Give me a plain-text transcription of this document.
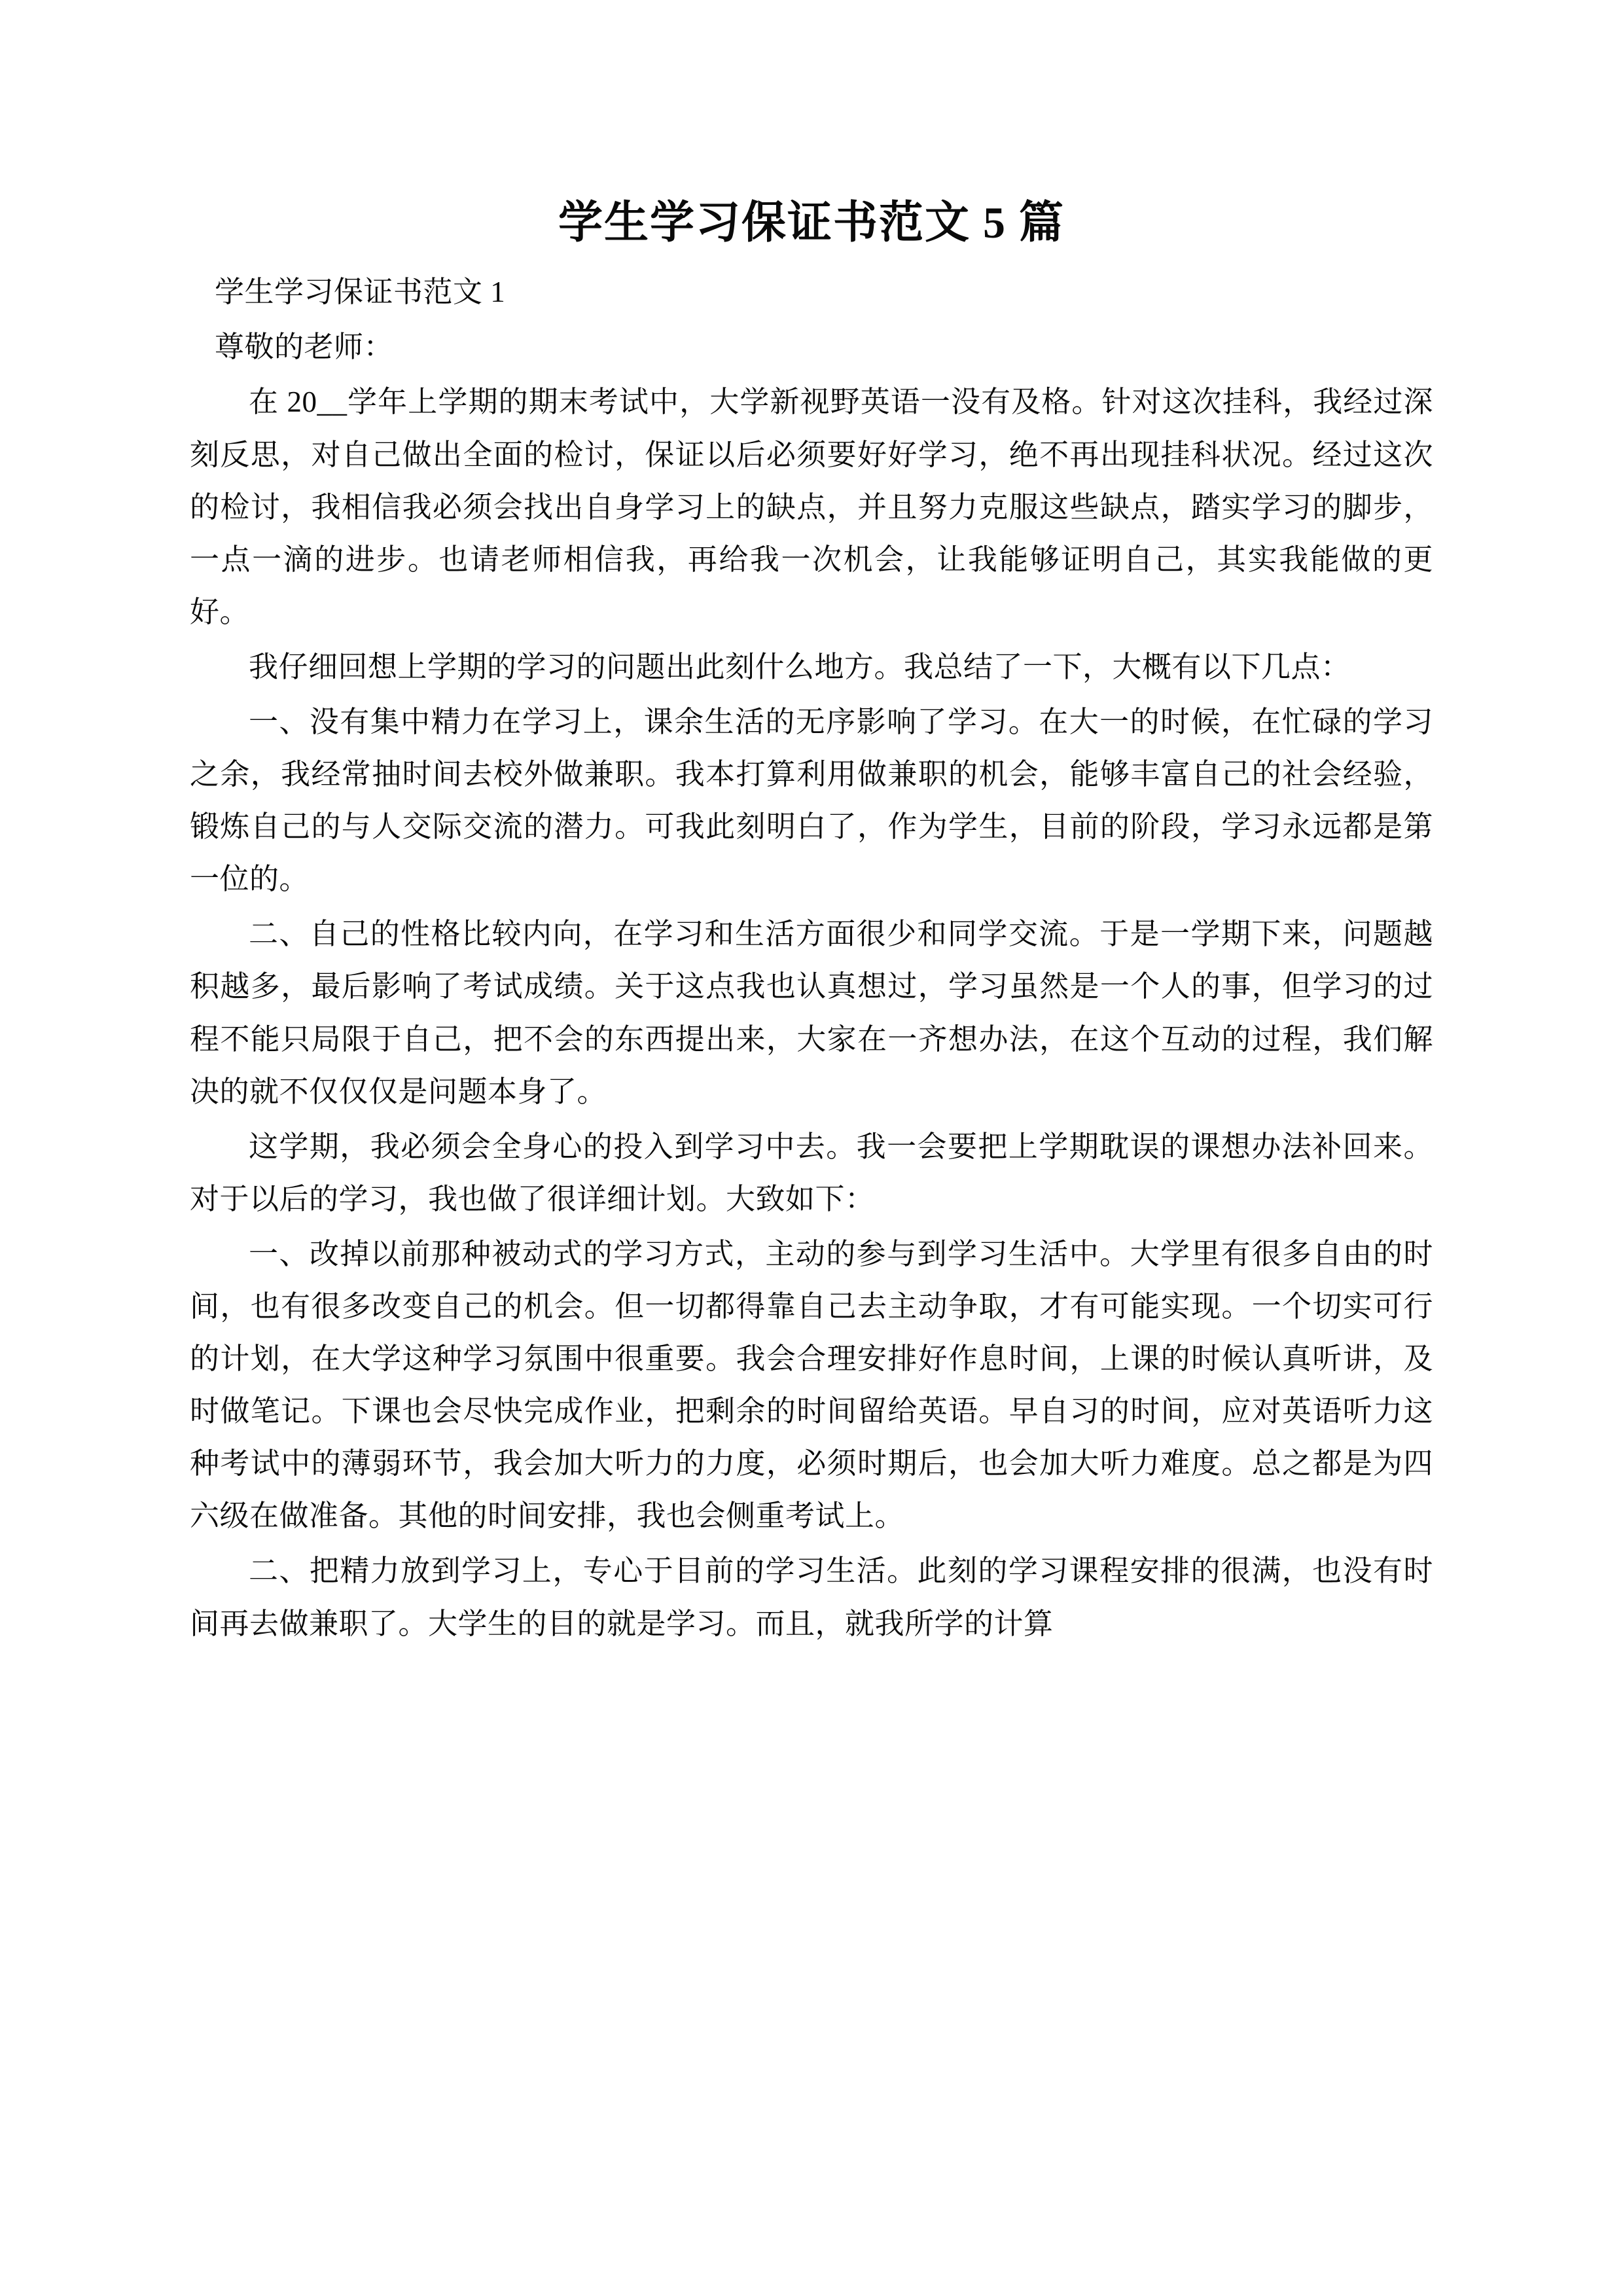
学生学习保证书范文 5 篇

学生学习保证书范文 1

尊敬的老师：

在 20__学年上学期的期末考试中，大学新视野英语一没有及格。针对这次挂科，我经过深刻反思，对自己做出全面的检讨，保证以后必须要好好学习，绝不再出现挂科状况。经过这次的检讨，我相信我必须会找出自身学习上的缺点，并且努力克服这些缺点，踏实学习的脚步，一点一滴的进步。也请老师相信我，再给我一次机会，让我能够证明自己，其实我能做的更好。

我仔细回想上学期的学习的问题出此刻什么地方。我总结了一下，大概有以下几点：

一、没有集中精力在学习上，课余生活的无序影响了学习。在大一的时候，在忙碌的学习之余，我经常抽时间去校外做兼职。我本打算利用做兼职的机会，能够丰富自己的社会经验，锻炼自己的与人交际交流的潜力。可我此刻明白了，作为学生，目前的阶段，学习永远都是第一位的。

二、自己的性格比较内向，在学习和生活方面很少和同学交流。于是一学期下来，问题越积越多，最后影响了考试成绩。关于这点我也认真想过，学习虽然是一个人的事，但学习的过程不能只局限于自己，把不会的东西提出来，大家在一齐想办法，在这个互动的过程，我们解决的就不仅仅仅是问题本身了。

这学期，我必须会全身心的投入到学习中去。我一会要把上学期耽误的课想办法补回来。对于以后的学习，我也做了很详细计划。大致如下：

一、改掉以前那种被动式的学习方式，主动的参与到学习生活中。大学里有很多自由的时间，也有很多改变自己的机会。但一切都得靠自己去主动争取，才有可能实现。一个切实可行的计划，在大学这种学习氛围中很重要。我会合理安排好作息时间，上课的时候认真听讲，及时做笔记。下课也会尽快完成作业，把剩余的时间留给英语。早自习的时间，应对英语听力这种考试中的薄弱环节，我会加大听力的力度，必须时期后，也会加大听力难度。总之都是为四六级在做准备。其他的时间安排，我也会侧重考试上。

二、把精力放到学习上，专心于目前的学习生活。此刻的学习课程安排的很满，也没有时间再去做兼职了。大学生的目的就是学习。而且，就我所学的计算
